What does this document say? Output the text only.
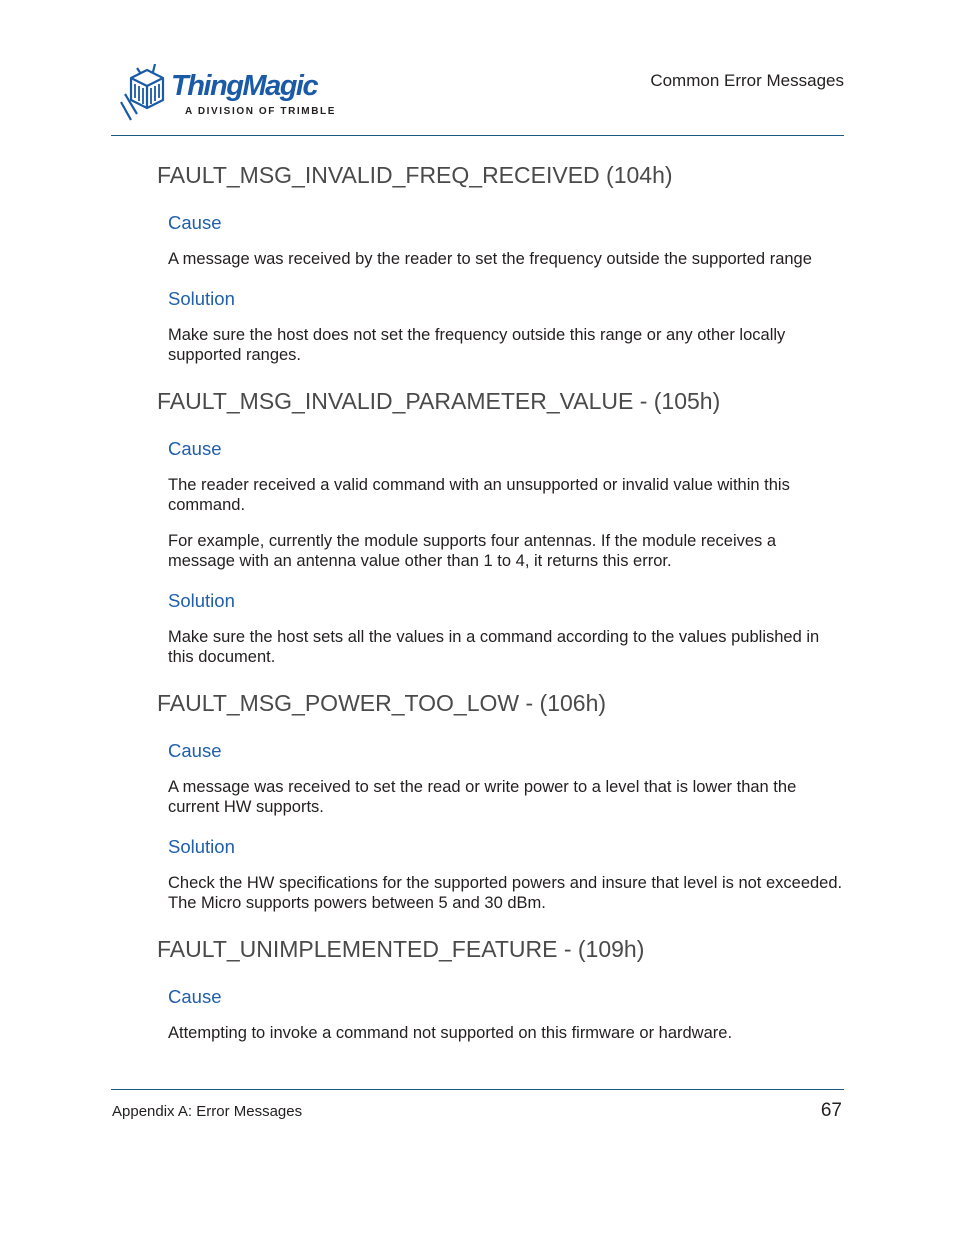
ThingMagic
A DIVISION OF TRIMBLE
Common Error Messages
FAULT_MSG_INVALID_FREQ_RECEIVED (104h)
Cause

A message was received by the reader to set the frequency outside the supported range

Solution

Make sure the host does not set the frequency outside this range or any other locally supported ranges.

FAULT_MSG_INVALID_PARAMETER_VALUE - (105h)
Cause

The reader received a valid command with an unsupported or invalid value within this command.

For example, currently the module supports four antennas. If the module receives a message with an antenna value other than 1 to 4, it returns this error.

Solution

Make sure the host sets all the values in a command according to the values published in this document.

FAULT_MSG_POWER_TOO_LOW - (106h)
Cause

A message was received to set the read or write power to a level that is lower than the current HW supports.

Solution

Check the HW specifications for the supported powers and insure that level is not exceeded. The Micro supports powers between 5 and 30 dBm.

FAULT_UNIMPLEMENTED_FEATURE - (109h)
Cause

Attempting to invoke a command not supported on this firmware or hardware.

Appendix A: Error Messages	67
